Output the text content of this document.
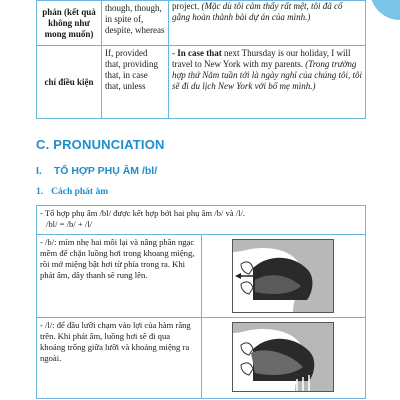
phản (kết quả không như mong muốn)	though, though, in spite of, despite, whereas	project. (Mặc dù tôi cảm thấy rất mệt, tôi đã cố gắng hoàn thành bài dự án của mình.)
chỉ điều kiện	If, provided that, providing that, in case that, unless	- In case that next Thursday is our holiday, I will travel to New York with my parents. (Trong trường hợp thứ Năm tuần tới là ngày nghỉ của chúng tôi, tôi sẽ đi du lịch New York với bố mẹ mình.)
C. PRONUNCIATION
I. TỔ HỢP PHỤ ÂM /bl/
1. Cách phát âm
- Tổ hợp phụ âm /bl/ được kết hợp bởi hai phụ âm /b/ và /l/.
/bl/ = /b/ + /l/	

- /b/: mím nhẹ hai môi lại và nâng phần ngạc mềm để chặn luồng hơi trong khoang miệng, rồi mở miệng bật hơi từ phía trong ra. Khi phát âm, dây thanh sẽ rung lên.	

- /l/: để đầu lưỡi chạm vào lợi của hàm răng trên. Khi phát âm, luồng hơi sẽ đi qua khoảng trống giữa lưỡi và khoảng miệng ra ngoài.	
